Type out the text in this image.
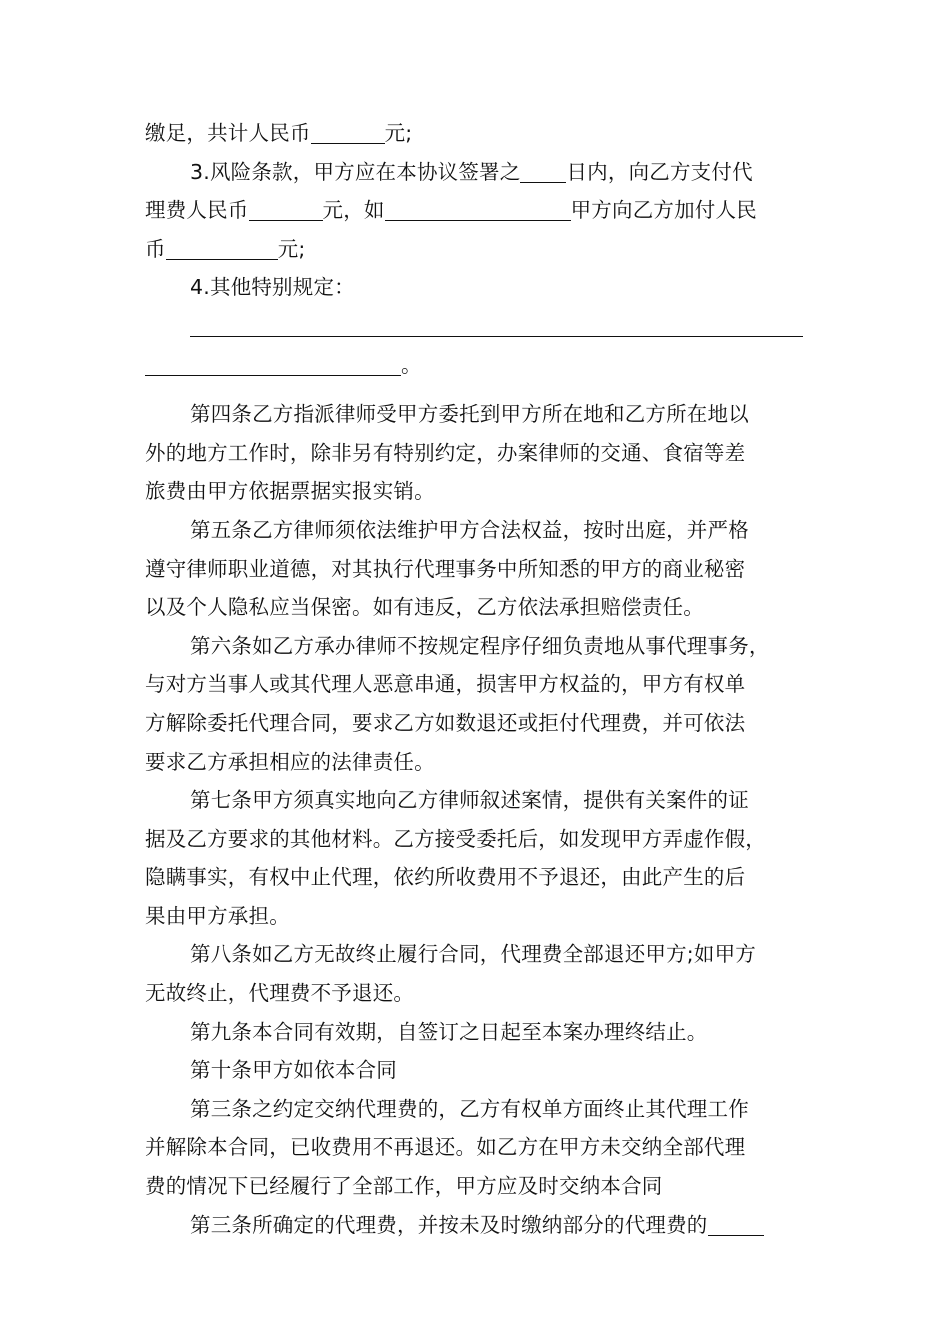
缴足，共计人民币	元;
3.风险条款，甲方应在本协议签署之 日内，向乙方支付代
理费人民币	元，如	甲方向乙方加付人民
币	元;
4.其他特别规定：
。
第四条乙方指派律师受甲方委托到甲方所在地和乙方所在地以
外的地方工作时，除非另有特别约定，办案律师的交通、食宿等差
旅费由甲方依据票据实报实销。
第五条乙方律师须依法维护甲方合法权益，按时出庭，并严格
遵守律师职业道德，对其执行代理事务中所知悉的甲方的商业秘密
以及个人隐私应当保密。如有违反，乙方依法承担赔偿责任。
第六条如乙方承办律师不按规定程序仔细负责地从事代理事务，
与对方当事人或其代理人恶意串通，损害甲方权益的，甲方有权单
方解除委托代理合同，要求乙方如数退还或拒付代理费，并可依法
要求乙方承担相应的法律责任。
第七条甲方须真实地向乙方律师叙述案情，提供有关案件的证
据及乙方要求的其他材料。乙方接受委托后，如发现甲方弄虚作假，
隐瞒事实，有权中止代理，依约所收费用不予退还，由此产生的后
果由甲方承担。
第八条如乙方无故终止履行合同，代理费全部退还甲方;如甲方
无故终止，代理费不予退还。
第九条本合同有效期，自签订之日起至本案办理终结止。
第十条甲方如依本合同
第三条之约定交纳代理费的，乙方有权单方面终止其代理工作
并解除本合同，已收费用不再退还。如乙方在甲方未交纳全部代理
费的情况下已经履行了全部工作，甲方应及时交纳本合同
第三条所确定的代理费，并按未及时缴纳部分的代理费的
